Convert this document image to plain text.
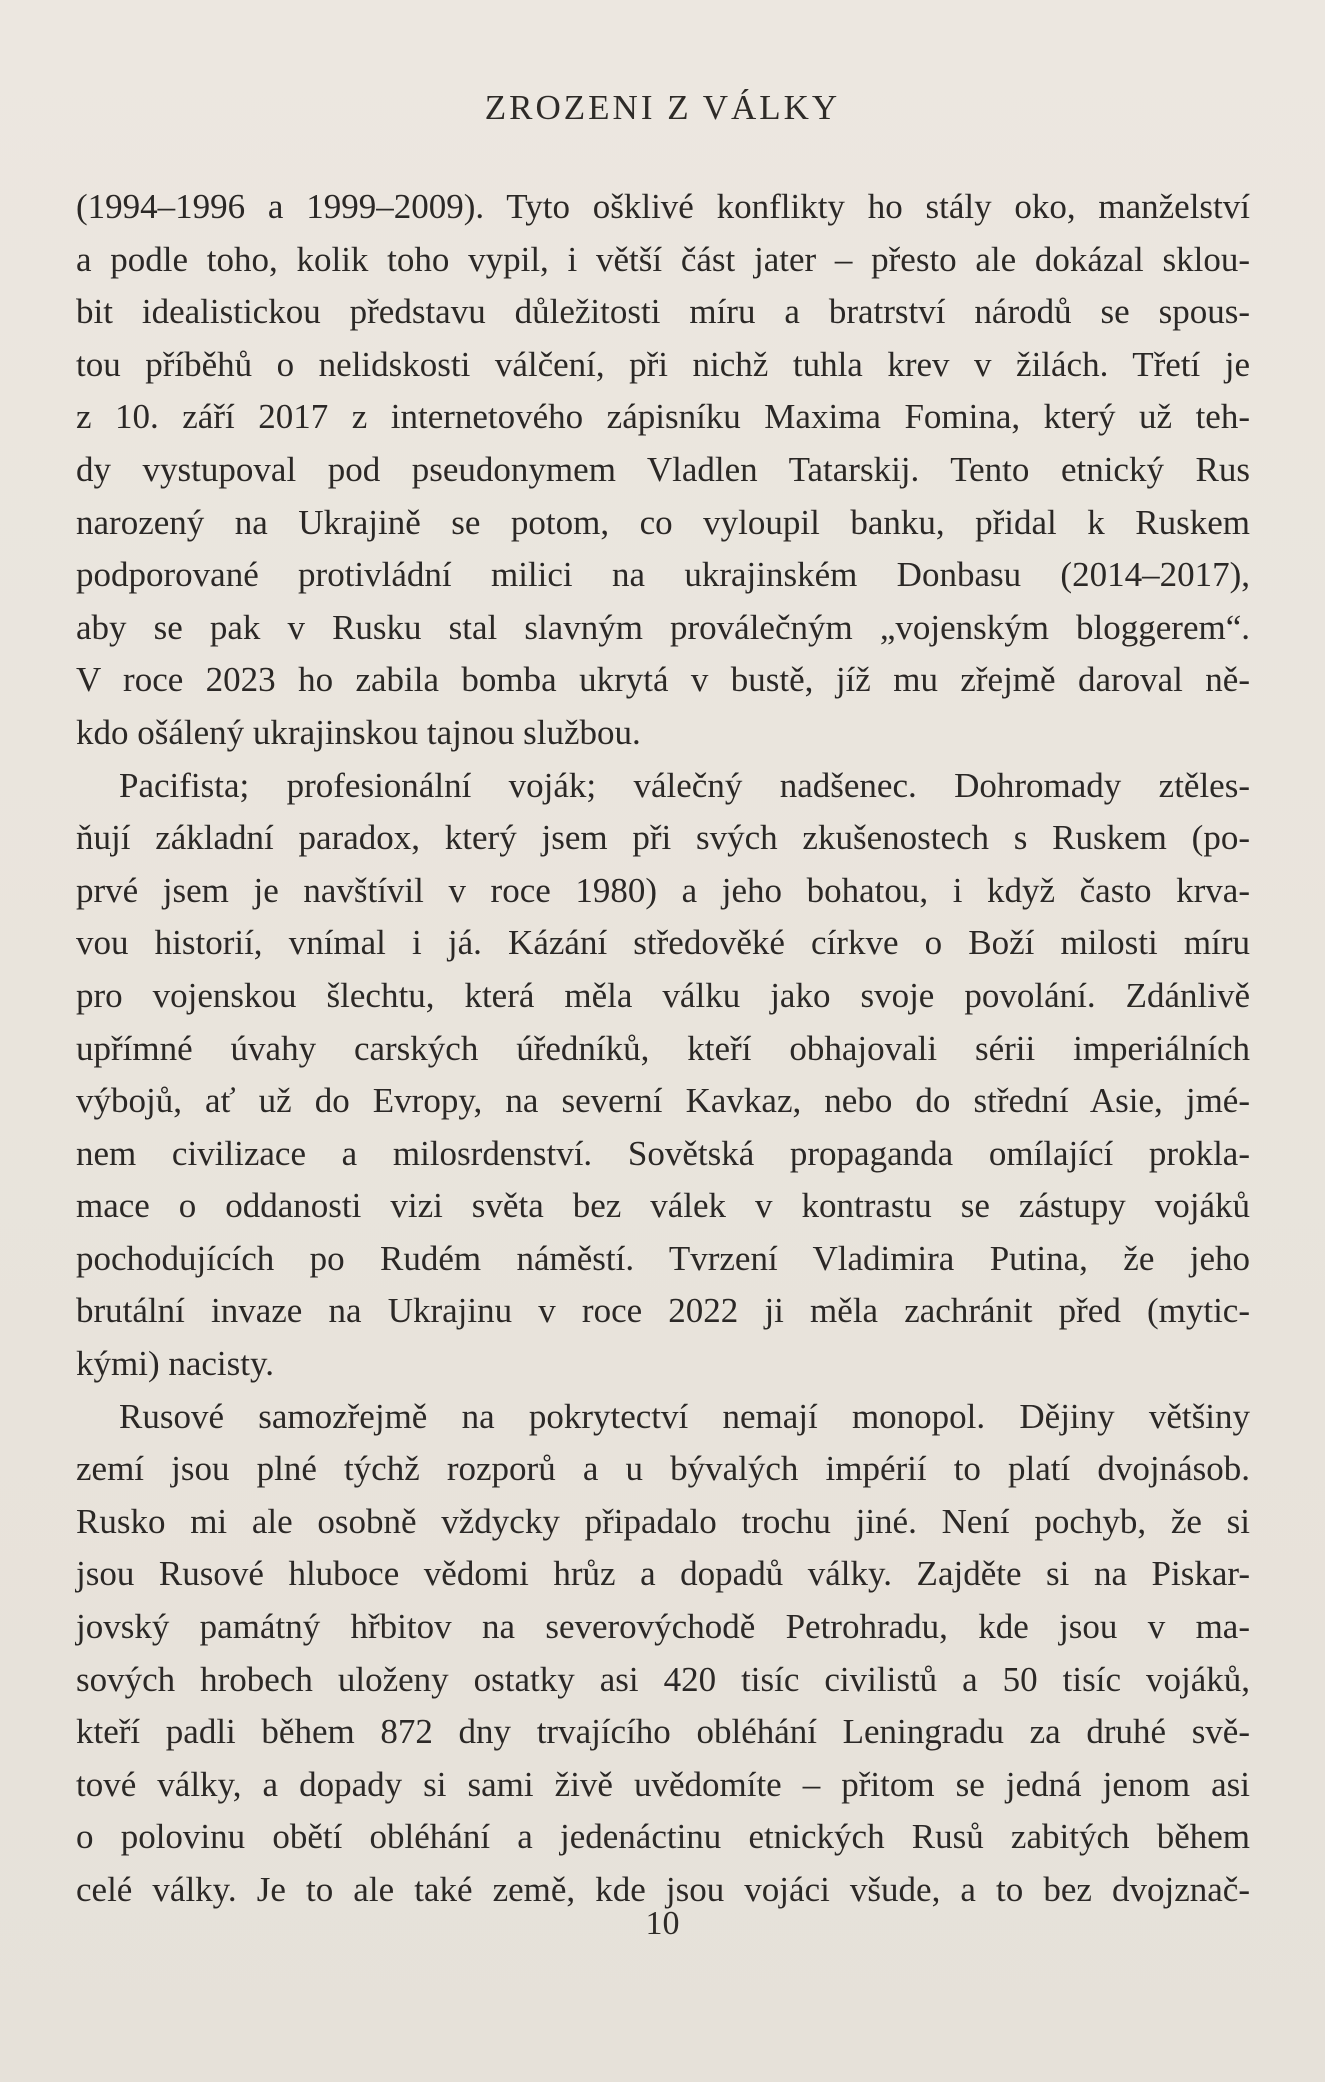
ZROZENI Z VÁLKY
(1994–1996 a 1999–2009). Tyto ošklivé konflikty ho stály oko, manželství
a podle toho, kolik toho vypil, i větší část jater – přesto ale dokázal sklou-
bit idealistickou představu důležitosti míru a bratrství národů se spous-
tou příběhů o nelidskosti válčení, při nichž tuhla krev v žilách. Třetí je
z 10. září 2017 z internetového zápisníku Maxima Fomina, který už teh-
dy vystupoval pod pseudonymem Vladlen Tatarskij. Tento etnický Rus
narozený na Ukrajině se potom, co vyloupil banku, přidal k Ruskem
podporované protivládní milici na ukrajinském Donbasu (2014–2017),
aby se pak v Rusku stal slavným proválečným „vojenským bloggerem“.
V roce 2023 ho zabila bomba ukrytá v bustě, jíž mu zřejmě daroval ně-
kdo ošálený ukrajinskou tajnou službou.
Pacifista; profesionální voják; válečný nadšenec. Dohromady ztěles-
ňují základní paradox, který jsem při svých zkušenostech s Ruskem (po-
prvé jsem je navštívil v roce 1980) a jeho bohatou, i když často krva-
vou historií, vnímal i já. Kázání středověké církve o Boží milosti míru
pro vojenskou šlechtu, která měla válku jako svoje povolání. Zdánlivě
upřímné úvahy carských úředníků, kteří obhajovali sérii imperiálních
výbojů, ať už do Evropy, na severní Kavkaz, nebo do střední Asie, jmé-
nem civilizace a milosrdenství. Sovětská propaganda omílající prokla-
mace o oddanosti vizi světa bez válek v kontrastu se zástupy vojáků
pochodujících po Rudém náměstí. Tvrzení Vladimira Putina, že jeho
brutální invaze na Ukrajinu v roce 2022 ji měla zachránit před (mytic-
kými) nacisty.
Rusové samozřejmě na pokrytectví nemají monopol. Dějiny většiny
zemí jsou plné týchž rozporů a u bývalých impérií to platí dvojnásob.
Rusko mi ale osobně vždycky připadalo trochu jiné. Není pochyb, že si
jsou Rusové hluboce vědomi hrůz a dopadů války. Zajděte si na Piskar-
jovský památný hřbitov na severovýchodě Petrohradu, kde jsou v ma-
sových hrobech uloženy ostatky asi 420 tisíc civilistů a 50 tisíc vojáků,
kteří padli během 872 dny trvajícího obléhání Leningradu za druhé svě-
tové války, a dopady si sami živě uvědomíte – přitom se jedná jenom asi
o polovinu obětí obléhání a jedenáctinu etnických Rusů zabitých během
celé války. Je to ale také země, kde jsou vojáci všude, a to bez dvojznač-
10
